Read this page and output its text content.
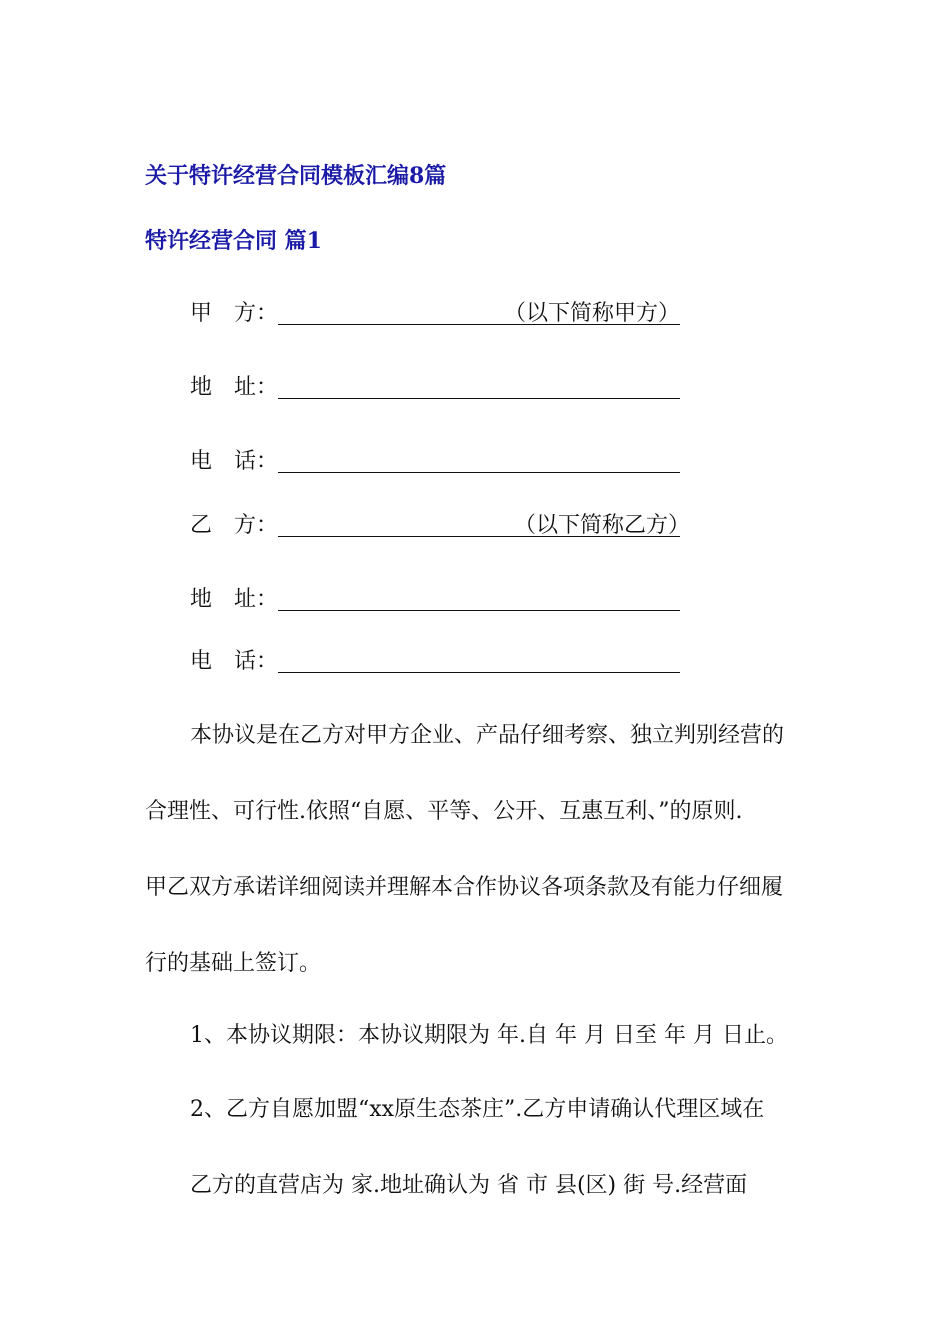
关于特许经营合同模板汇编8篇
特许经营合同 篇1
甲　方：	（以下简称甲方）
地　址：
电　话：
乙　方：	（以下简称乙方）
地　址：
电　话：
本协议是在乙方对甲方企业、产品仔细考察、独立判别经营的
合理性、可行性.依照“自愿、平等、公开、互惠互利、”的原则.
甲乙双方承诺详细阅读并理解本合作协议各项条款及有能力仔细履
行的基础上签订。
1、本协议期限：本协议期限为 年.自 年 月 日至 年 月 日止。
2、乙方自愿加盟“xx原生态茶庄”.乙方申请确认代理区域在
乙方的直营店为 家.地址确认为 省 市 县(区) 街 号.经营面
